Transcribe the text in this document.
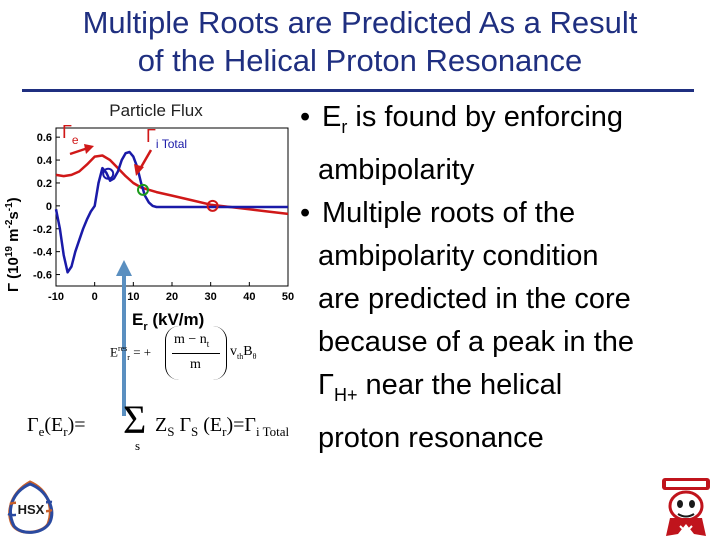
Multiple Roots are Predicted As a Result
of the Helical Proton Resonance
• $E_r$ is found by enforcing
ambipolarity
• Multiple roots of the
ambipolarity condition
are predicted in the core
because of a peak in the
$\Gamma_{H+}$ near the helical
proton resonance
Particle Flux
Γ ($10^{19}$ $m^{-2}s^{-1}$)
0.6
0.4
0.2
0
-0.2
-0.4
-0.6
-10	0	10 20 30 40 50
$\Gamma_e$	$\Gamma_{i Total}$
$E_r$ (kV/m)
$E^{res}_r$ = +
$m - n_t$
m
$v_{th}B_\theta$
$\Gamma_e(E_r)= \Sigma$
s
$Z_S$ $\Gamma_S$ $(E_r)=\Gamma_{i Total}$
HSX
